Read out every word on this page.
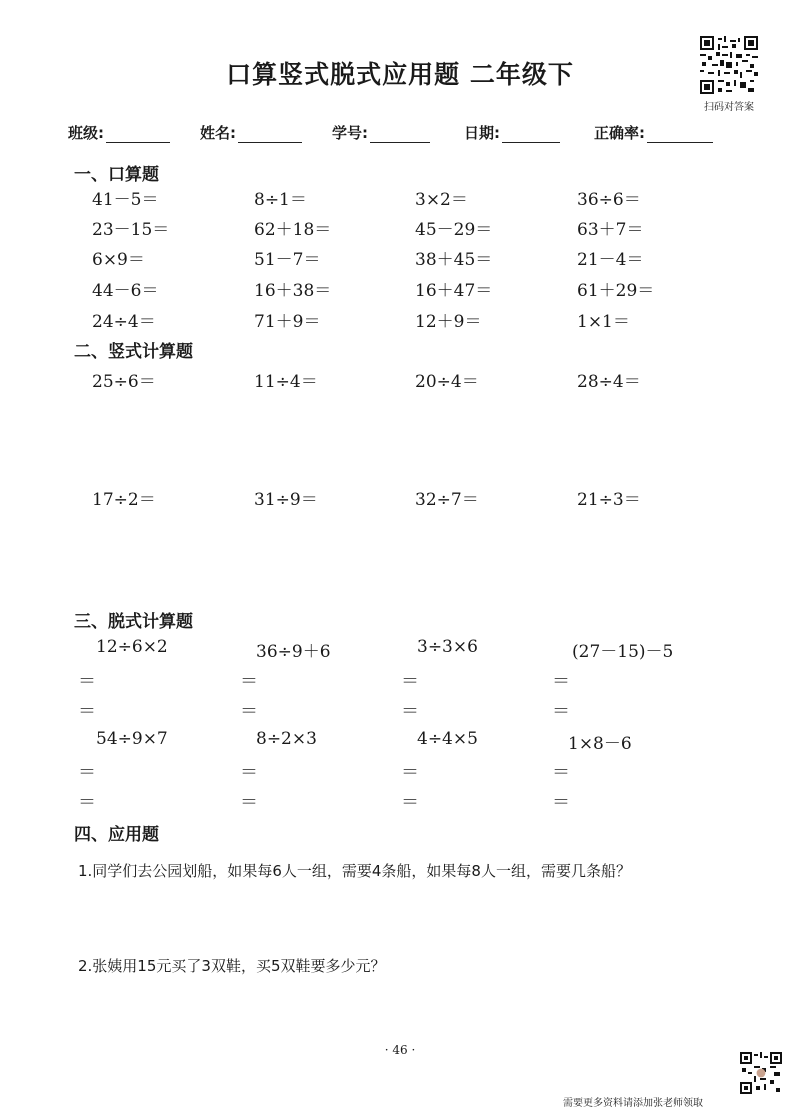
口算竖式脱式应用题 二年级下
扫码对答案
班级:	姓名:	学号:	日期:	正确率:
一、口算题
41－5＝	8÷1＝	3×2＝	36÷6＝
23－15＝	62＋18＝	45－29＝	63＋7＝
6×9＝	51－7＝	38＋45＝	21－4＝
44－6＝	16＋38＝	16＋47＝	61＋29＝
24÷4＝	71＋9＝	12＋9＝	1×1＝
二、竖式计算题
25÷6＝	11÷4＝	20÷4＝	28÷4＝
17÷2＝	31÷9＝	32÷7＝	21÷3＝
三、脱式计算题
12÷6×2	36÷9＋6	3÷3×6	(27－15)－5
＝	＝	＝	＝
＝	＝	＝	＝
54÷9×7	8÷2×3	4÷4×5	1×8－6
＝	＝	＝	＝
＝	＝	＝	＝
四、应用题
1.同学们去公园划船，如果每6人一组，需要4条船，如果每8人一组，需要几条船？
2.张姨用15元买了3双鞋，买5双鞋要多少元？
· 46 ·
需要更多资料请添加张老师领取
